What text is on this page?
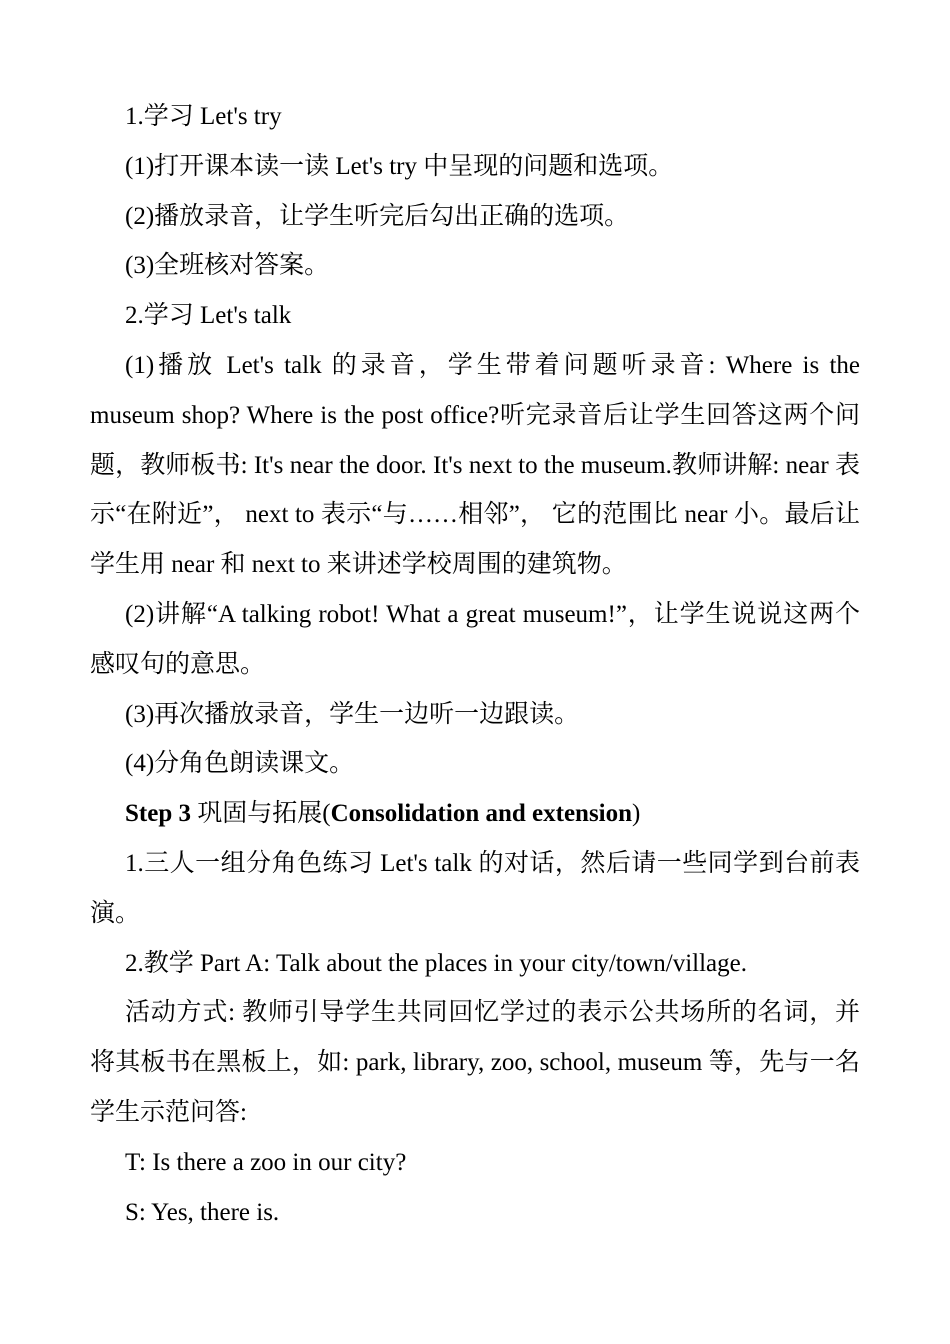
1.学习 Let's try

(1)打开课本读一读 Let's try 中呈现的问题和选项。

(2)播放录音，让学生听完后勾出正确的选项。

(3)全班核对答案。

2.学习 Let's talk

(1)播放 Let's talk 的录音，学生带着问题听录音: Where is the museum shop? Where is the post office?听完录音后让学生回答这两个问题，教师板书: It's near the door. It's next to the museum.教师讲解: near 表示“在附近”， next to 表示“与……相邻”， 它的范围比 near 小。最后让学生用 near 和 next to 来讲述学校周围的建筑物。

(2)讲解“A talking robot! What a great museum!”，让学生说说这两个感叹句的意思。

(3)再次播放录音，学生一边听一边跟读。

(4)分角色朗读课文。

Step 3 巩固与拓展(Consolidation and extension)

1.三人一组分角色练习 Let's talk 的对话，然后请一些同学到台前表演。

2.教学 Part A: Talk about the places in your city/town/village.

活动方式: 教师引导学生共同回忆学过的表示公共场所的名词，并将其板书在黑板上，如: park, library, zoo, school, museum 等，先与一名学生示范问答:

T: Is there a zoo in our city?

S: Yes, there is.
